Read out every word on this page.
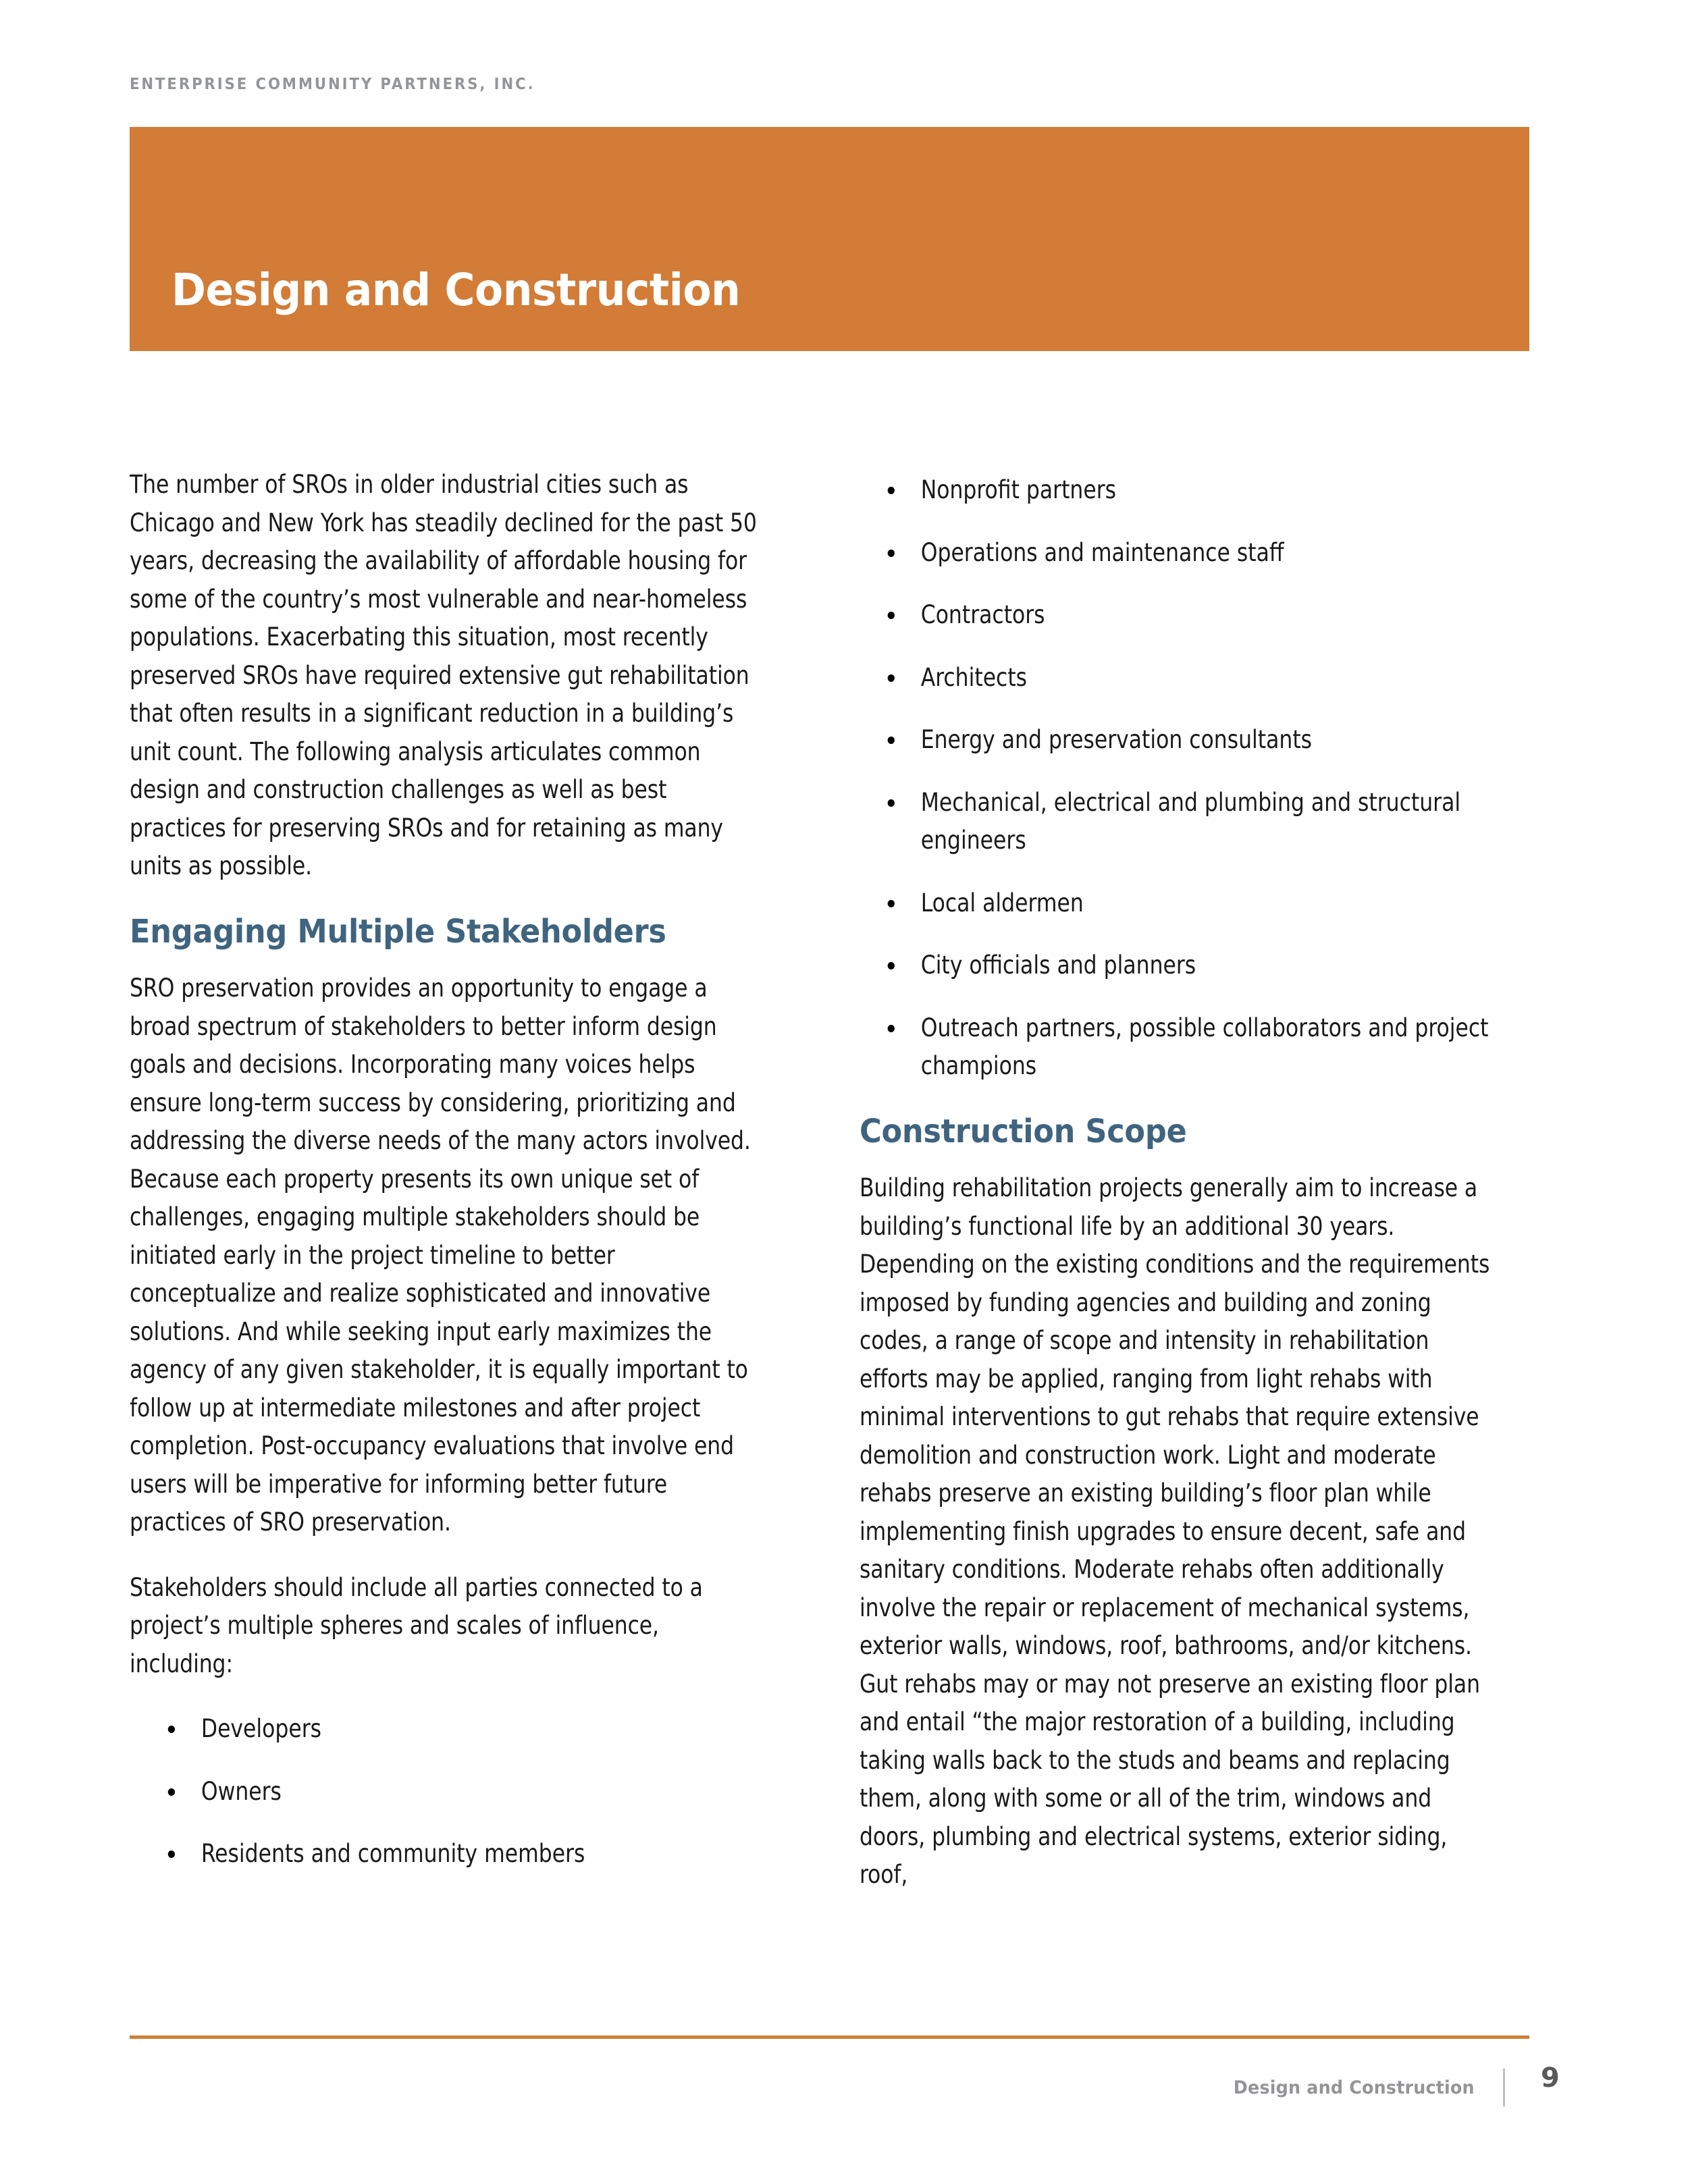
ENTERPRISE COMMUNITY PARTNERS, INC.
Design and Construction

The number of SROs in older industrial cities such as Chicago and New York has steadily declined for the past 50 years, decreasing the availability of affordable housing for some of the country’s most vulnerable and near-homeless populations. Exacerbating this situation, most recently preserved SROs have required extensive gut rehabilitation that often results in a significant reduction in a building’s unit count. The following analysis articulates common design and construction challenges as well as best practices for preserving SROs and for retaining as many units as possible.

Engaging Multiple Stakeholders

SRO preservation provides an opportunity to engage a broad spectrum of stakeholders to better inform design goals and decisions. Incorporating many voices helps ensure long-term success by considering, prioritizing and addressing the diverse needs of the many actors involved. Because each property presents its own unique set of challenges, engaging multiple stakeholders should be initiated early in the project timeline to better conceptualize and realize sophisticated and innovative solutions. And while seeking input early maximizes the agency of any given stakeholder, it is equally important to follow up at intermediate milestones and after project completion. Post-occupancy evaluations that involve end users will be imperative for informing better future practices of SRO preservation.

Stakeholders should include all parties connected to a project’s multiple spheres and scales of influence, including:

Developers
Owners
Residents and community members
Nonprofit partners
Operations and maintenance staff
Contractors
Architects
Energy and preservation consultants
Mechanical, electrical and plumbing and structural engineers
Local aldermen
City officials and planners
Outreach partners, possible collaborators and project champions
Construction Scope

Building rehabilitation projects generally aim to increase a building’s functional life by an additional 30 years. Depending on the existing conditions and the requirements imposed by funding agencies and building and zoning codes, a range of scope and intensity in rehabilitation efforts may be applied, ranging from light rehabs with minimal interventions to gut rehabs that require extensive demolition and construction work. Light and moderate rehabs preserve an existing building’s floor plan while implementing finish upgrades to ensure decent, safe and sanitary conditions. Moderate rehabs often additionally involve the repair or replacement of mechanical systems, exterior walls, windows, roof, bathrooms, and/or kitchens. Gut rehabs may or may not preserve an existing floor plan and entail “the major restoration of a building, including taking walls back to the studs and beams and replacing them, along with some or all of the trim, windows and doors, plumbing and electrical systems, exterior siding, roof,

Design and Construction 9
